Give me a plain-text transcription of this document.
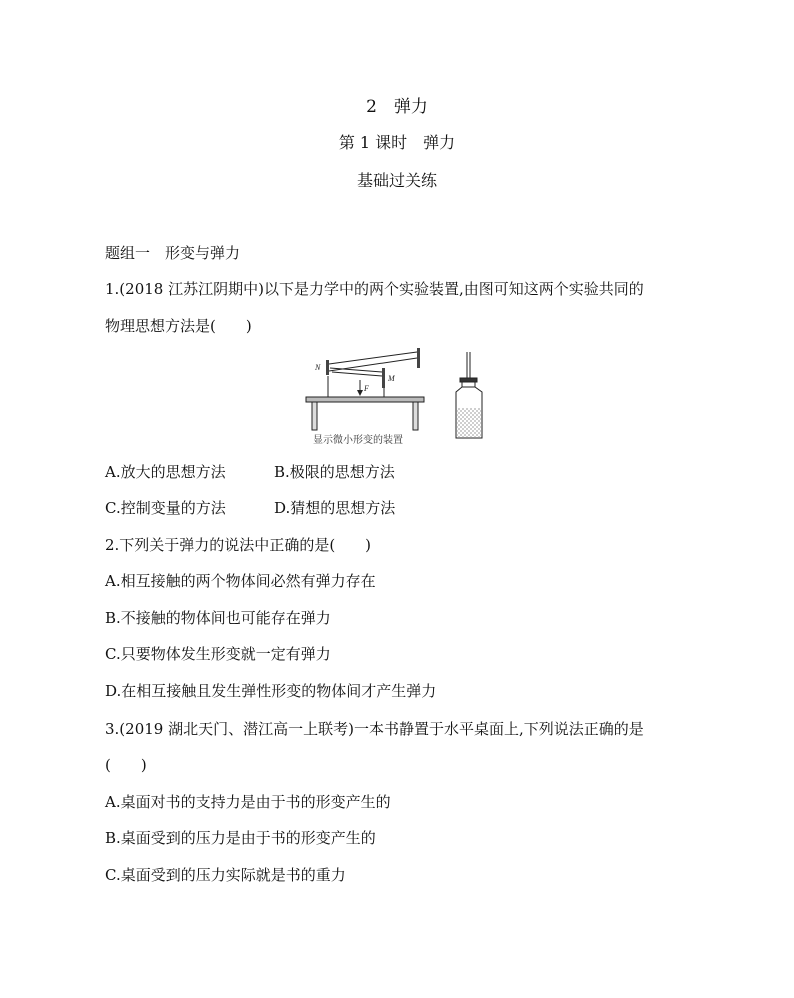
2　弹力
第 1 课时　弹力
基础过关练
题组一　形变与弹力
1.(2018 江苏江阴期中)以下是力学中的两个实验装置,由图可知这两个实验共同的
物理思想方法是(　　)
N
M
F
显示微小形变的装置
A.放大的思想方法	B.极限的思想方法
C.控制变量的方法	D.猜想的思想方法
2.下列关于弹力的说法中正确的是(　　)
A.相互接触的两个物体间必然有弹力存在
B.不接触的物体间也可能存在弹力
C.只要物体发生形变就一定有弹力
D.在相互接触且发生弹性形变的物体间才产生弹力
3.(2019 湖北天门、潜江高一上联考)一本书静置于水平桌面上,下列说法正确的是
(　　)
A.桌面对书的支持力是由于书的形变产生的
B.桌面受到的压力是由于书的形变产生的
C.桌面受到的压力实际就是书的重力
